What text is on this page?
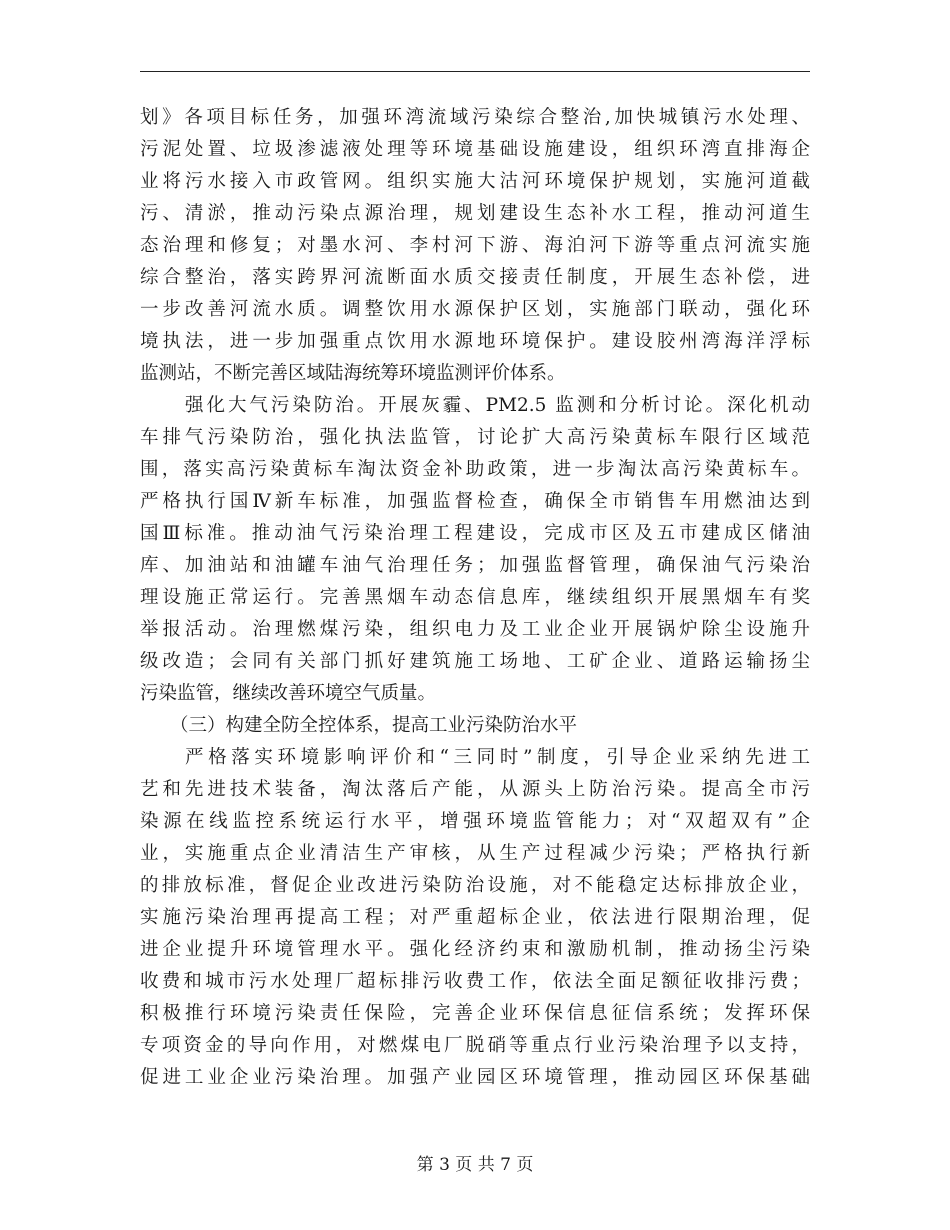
划》各项目标任务，加强环湾流域污染综合整治,加快城镇污水处理、
污泥处置、垃圾渗滤液处理等环境基础设施建设，组织环湾直排海企
业将污水接入市政管网。组织实施大沽河环境保护规划，实施河道截
污、清淤，推动污染点源治理，规划建设生态补水工程，推动河道生
态治理和修复；对墨水河、李村河下游、海泊河下游等重点河流实施
综合整治，落实跨界河流断面水质交接责任制度，开展生态补偿，进
一步改善河流水质。调整饮用水源保护区划，实施部门联动，强化环
境执法，进一步加强重点饮用水源地环境保护。建设胶州湾海洋浮标
监测站，不断完善区域陆海统筹环境监测评价体系。
强化大气污染防治。开展灰霾、PM2.5 监测和分析讨论。深化机动
车排气污染防治，强化执法监管，讨论扩大高污染黄标车限行区域范
围，落实高污染黄标车淘汰资金补助政策，进一步淘汰高污染黄标车。
严格执行国Ⅳ新车标准，加强监督检查，确保全市销售车用燃油达到
国Ⅲ标准。推动油气污染治理工程建设，完成市区及五市建成区储油
库、加油站和油罐车油气治理任务；加强监督管理，确保油气污染治
理设施正常运行。完善黑烟车动态信息库，继续组织开展黑烟车有奖
举报活动。治理燃煤污染，组织电力及工业企业开展锅炉除尘设施升
级改造；会同有关部门抓好建筑施工场地、工矿企业、道路运输扬尘
污染监管，继续改善环境空气质量。
（三）构建全防全控体系，提高工业污染防治水平
严格落实环境影响评价和“三同时”制度，引导企业采纳先进工
艺和先进技术装备，淘汰落后产能，从源头上防治污染。提高全市污
染源在线监控系统运行水平，增强环境监管能力；对“双超双有”企
业，实施重点企业清洁生产审核，从生产过程减少污染；严格执行新
的排放标准，督促企业改进污染防治设施，对不能稳定达标排放企业，
实施污染治理再提高工程；对严重超标企业，依法进行限期治理，促
进企业提升环境管理水平。强化经济约束和激励机制，推动扬尘污染
收费和城市污水处理厂超标排污收费工作，依法全面足额征收排污费；
积极推行环境污染责任保险，完善企业环保信息征信系统；发挥环保
专项资金的导向作用，对燃煤电厂脱硝等重点行业污染治理予以支持，
促进工业企业污染治理。加强产业园区环境管理，推动园区环保基础
第 3 页 共 7 页
